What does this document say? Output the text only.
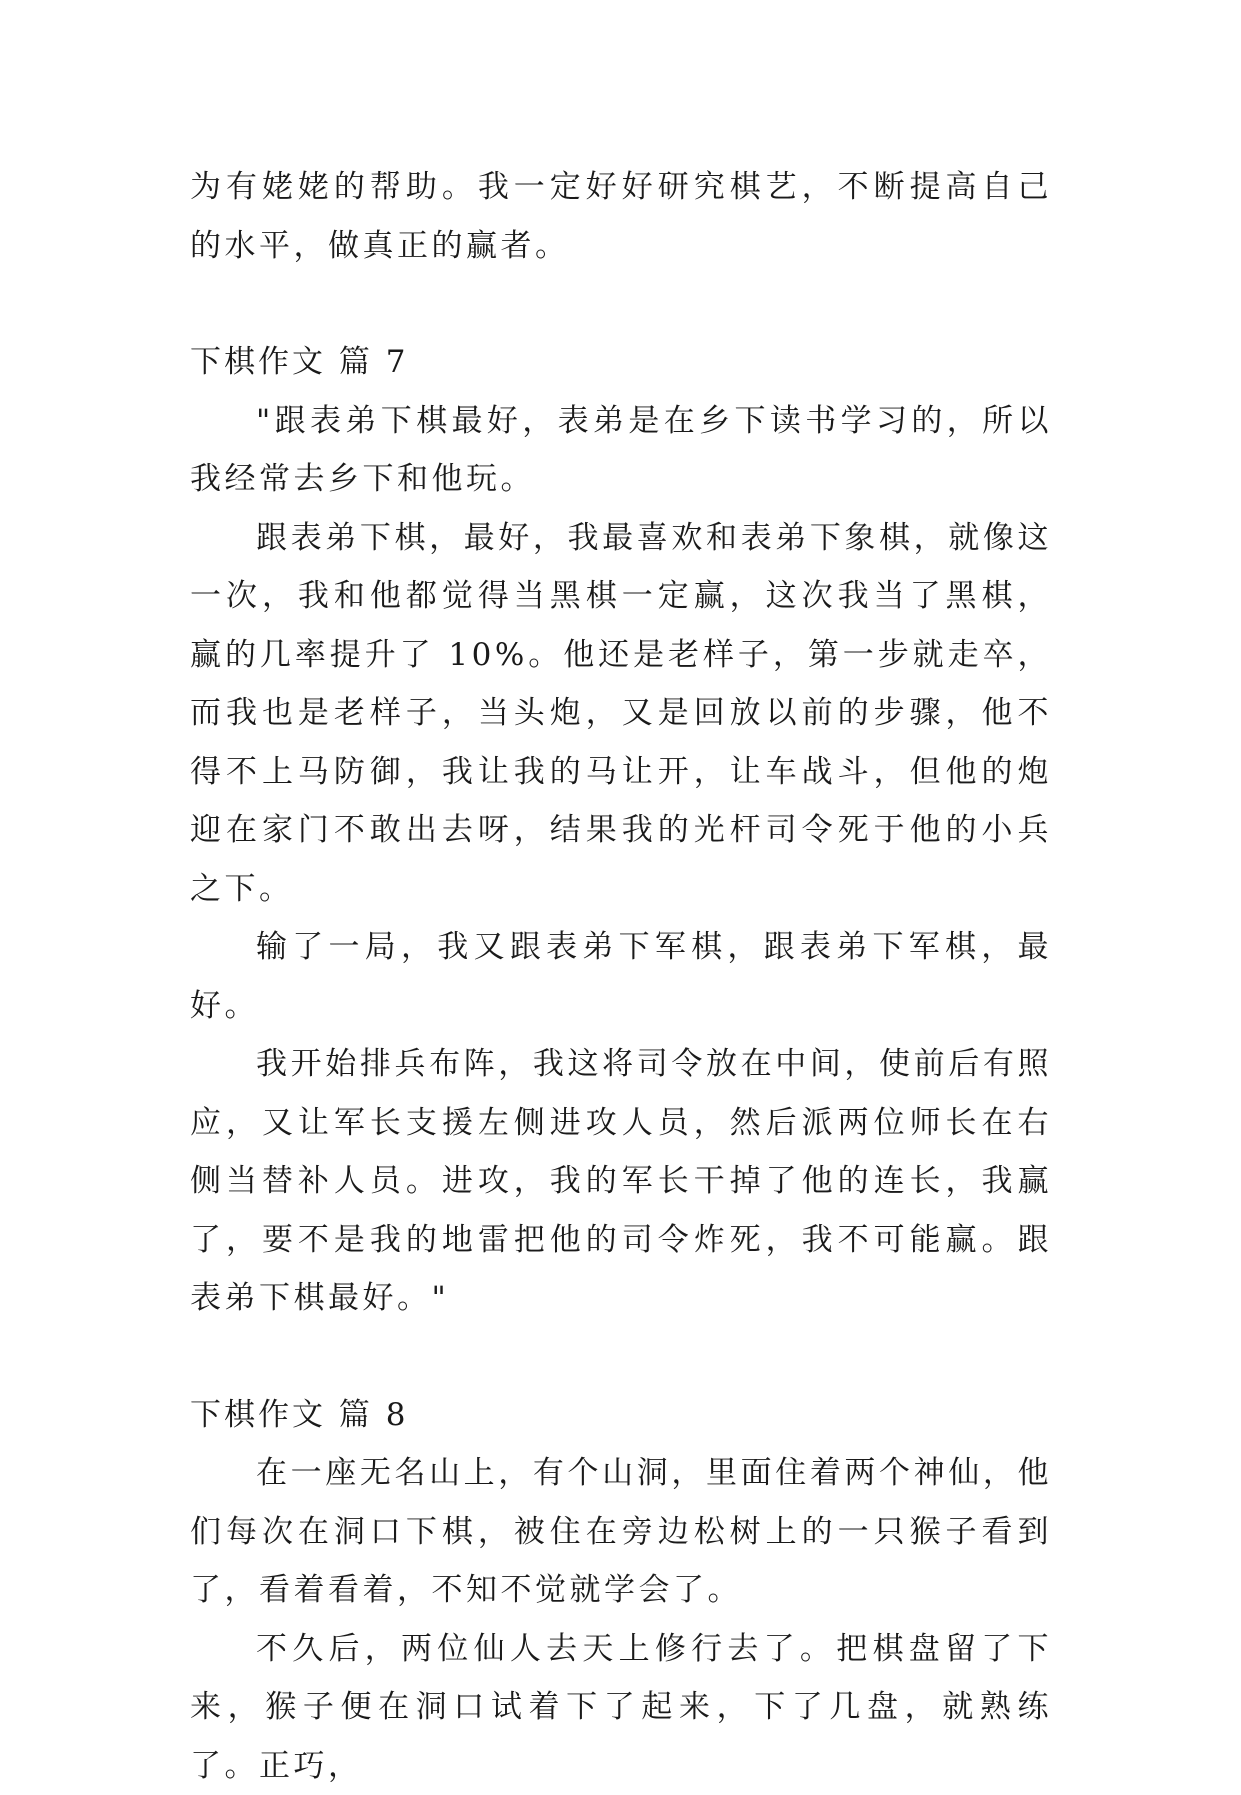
为有姥姥的帮助。我一定好好研究棋艺，不断提高自己的水平，做真正的赢者。

下棋作文 篇 7

"跟表弟下棋最好，表弟是在乡下读书学习的，所以我经常去乡下和他玩。

跟表弟下棋，最好，我最喜欢和表弟下象棋，就像这一次，我和他都觉得当黑棋一定赢，这次我当了黑棋，赢的几率提升了 10%。他还是老样子，第一步就走卒，而我也是老样子，当头炮，又是回放以前的步骤，他不得不上马防御，我让我的马让开，让车战斗，但他的炮迎在家门不敢出去呀，结果我的光杆司令死于他的小兵之下。

输了一局，我又跟表弟下军棋，跟表弟下军棋，最好。

我开始排兵布阵，我这将司令放在中间，使前后有照应，又让军长支援左侧进攻人员，然后派两位师长在右侧当替补人员。进攻，我的军长干掉了他的连长，我赢了，要不是我的地雷把他的司令炸死，我不可能赢。跟表弟下棋最好。"

下棋作文 篇 8

在一座无名山上，有个山洞，里面住着两个神仙，他们每次在洞口下棋，被住在旁边松树上的一只猴子看到了，看着看着，不知不觉就学会了。

不久后，两位仙人去天上修行去了。把棋盘留了下来，猴子便在洞口试着下了起来，下了几盘，就熟练了。正巧，
